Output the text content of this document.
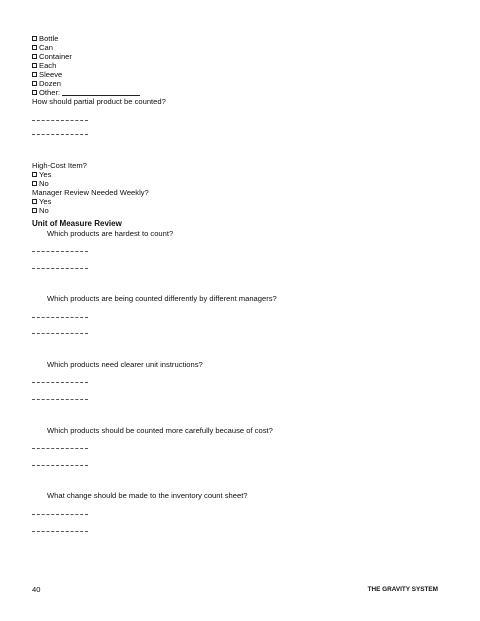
Bottle
Can
Container
Each
Sleeve
Dozen
Other:
How should partial product be counted?
High-Cost Item?
Yes
No
Manager Review Needed Weekly?
Yes
No
Unit of Measure Review
Which products are hardest to count?
Which products are being counted differently by different managers?
Which products need clearer unit instructions?
Which products should be counted more carefully because of cost?
What change should be made to the inventory count sheet?
40	THE GRAVITY SYSTEM
